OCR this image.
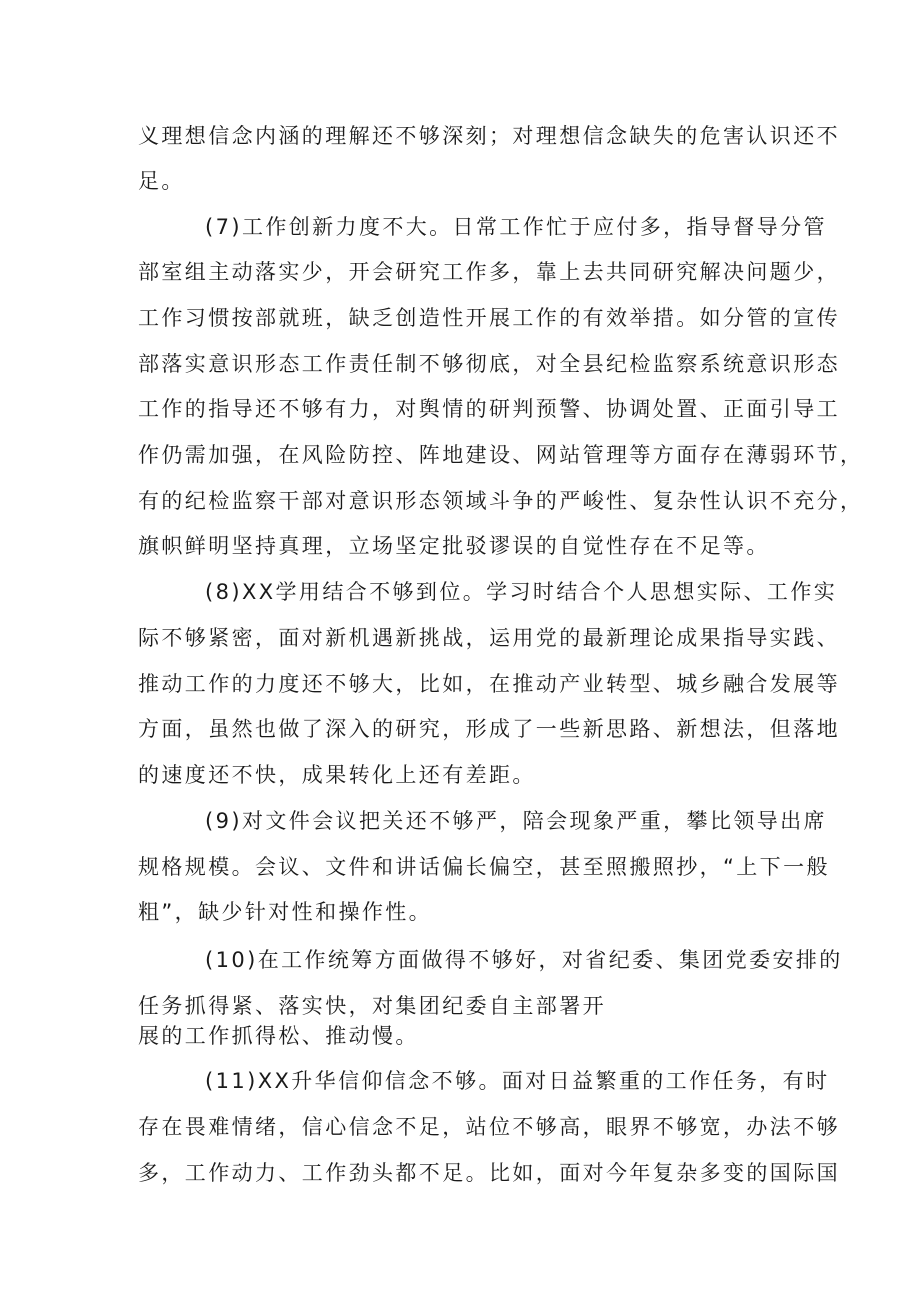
义理想信念内涵的理解还不够深刻；对理想信念缺失的危害认识还不
足。
(7)工作创新力度不大。日常工作忙于应付多，指导督导分管
部室组主动落实少，开会研究工作多，靠上去共同研究解决问题少，
工作习惯按部就班，缺乏创造性开展工作的有效举措。如分管的宣传
部落实意识形态工作责任制不够彻底，对全县纪检监察系统意识形态
工作的指导还不够有力，对舆情的研判预警、协调处置、正面引导工
作仍需加强，在风险防控、阵地建设、网站管理等方面存在薄弱环节，
有的纪检监察干部对意识形态领域斗争的严峻性、复杂性认识不充分，
旗帜鲜明坚持真理，立场坚定批驳谬误的自觉性存在不足等。
(8)XX学用结合不够到位。学习时结合个人思想实际、工作实
际不够紧密，面对新机遇新挑战，运用党的最新理论成果指导实践、
推动工作的力度还不够大，比如，在推动产业转型、城乡融合发展等
方面，虽然也做了深入的研究，形成了一些新思路、新想法，但落地
的速度还不快，成果转化上还有差距。
(9)对文件会议把关还不够严，陪会现象严重，攀比领导出席
规格规模。会议、文件和讲话偏长偏空，甚至照搬照抄，“上下一般
粗”，缺少针对性和操作性。
(10)在工作统筹方面做得不够好，对省纪委、集团党委安排的
任务抓得紧、落实快，对集团纪委自主部署开
展的工作抓得松、推动慢。
(11)XX升华信仰信念不够。面对日益繁重的工作任务，有时
存在畏难情绪，信心信念不足，站位不够高，眼界不够宽，办法不够
多，工作动力、工作劲头都不足。比如，面对今年复杂多变的国际国
